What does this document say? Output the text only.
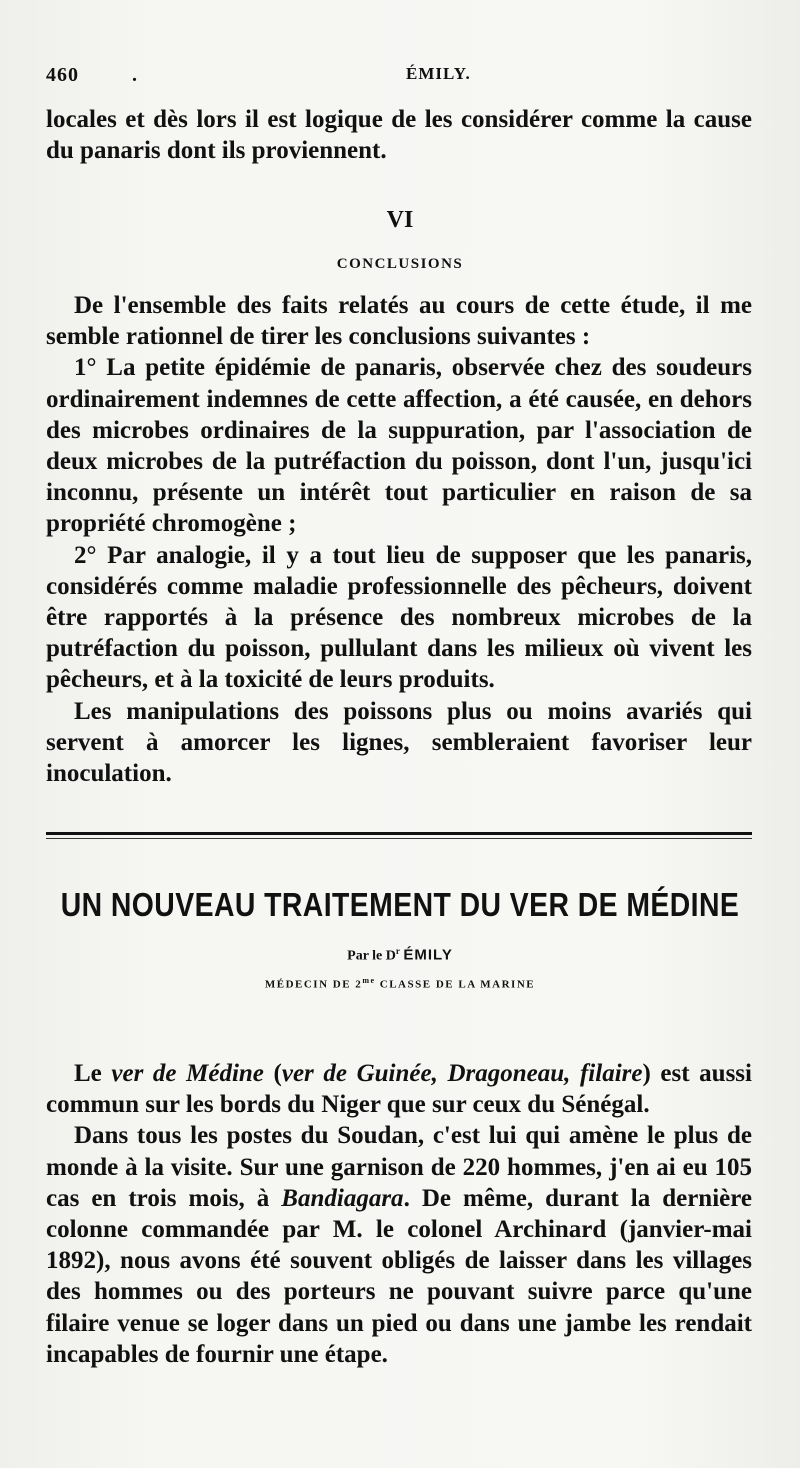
460	.	ÉMILY.

locales et dès lors il est logique de les considérer comme la cause du panaris dont ils proviennent.

VI
CONCLUSIONS

De l'ensemble des faits relatés au cours de cette étude, il me semble rationnel de tirer les conclusions suivantes :

1° La petite épidémie de panaris, observée chez des soudeurs ordinairement indemnes de cette affection, a été causée, en dehors des microbes ordinaires de la suppuration, par l'association de deux microbes de la putréfaction du poisson, dont l'un, jusqu'ici inconnu, présente un intérêt tout particulier en raison de sa propriété chromogène ;

2° Par analogie, il y a tout lieu de supposer que les panaris, considérés comme maladie professionnelle des pêcheurs, doivent être rapportés à la présence des nombreux microbes de la putréfaction du poisson, pullulant dans les milieux où vivent les pêcheurs, et à la toxicité de leurs produits.

Les manipulations des poissons plus ou moins avariés qui servent à amorcer les lignes, sembleraient favoriser leur inoculation.

UN NOUVEAU TRAITEMENT DU VER DE MÉDINE
Par le $D^r$ ÉMILY
MÉDECIN DE $2^{me}$ CLASSE DE LA MARINE

Le ver de Médine (ver de Guinée, Dragoneau, filaire) est aussi commun sur les bords du Niger que sur ceux du Sénégal.

Dans tous les postes du Soudan, c'est lui qui amène le plus de monde à la visite. Sur une garnison de 220 hommes, j'en ai eu 105 cas en trois mois, à Bandiagara. De même, durant la dernière colonne commandée par M. le colonel Archinard (janvier-mai 1892), nous avons été souvent obligés de laisser dans les villages des hommes ou des porteurs ne pouvant suivre parce qu'une filaire venue se loger dans un pied ou dans une jambe les rendait incapables de fournir une étape.
